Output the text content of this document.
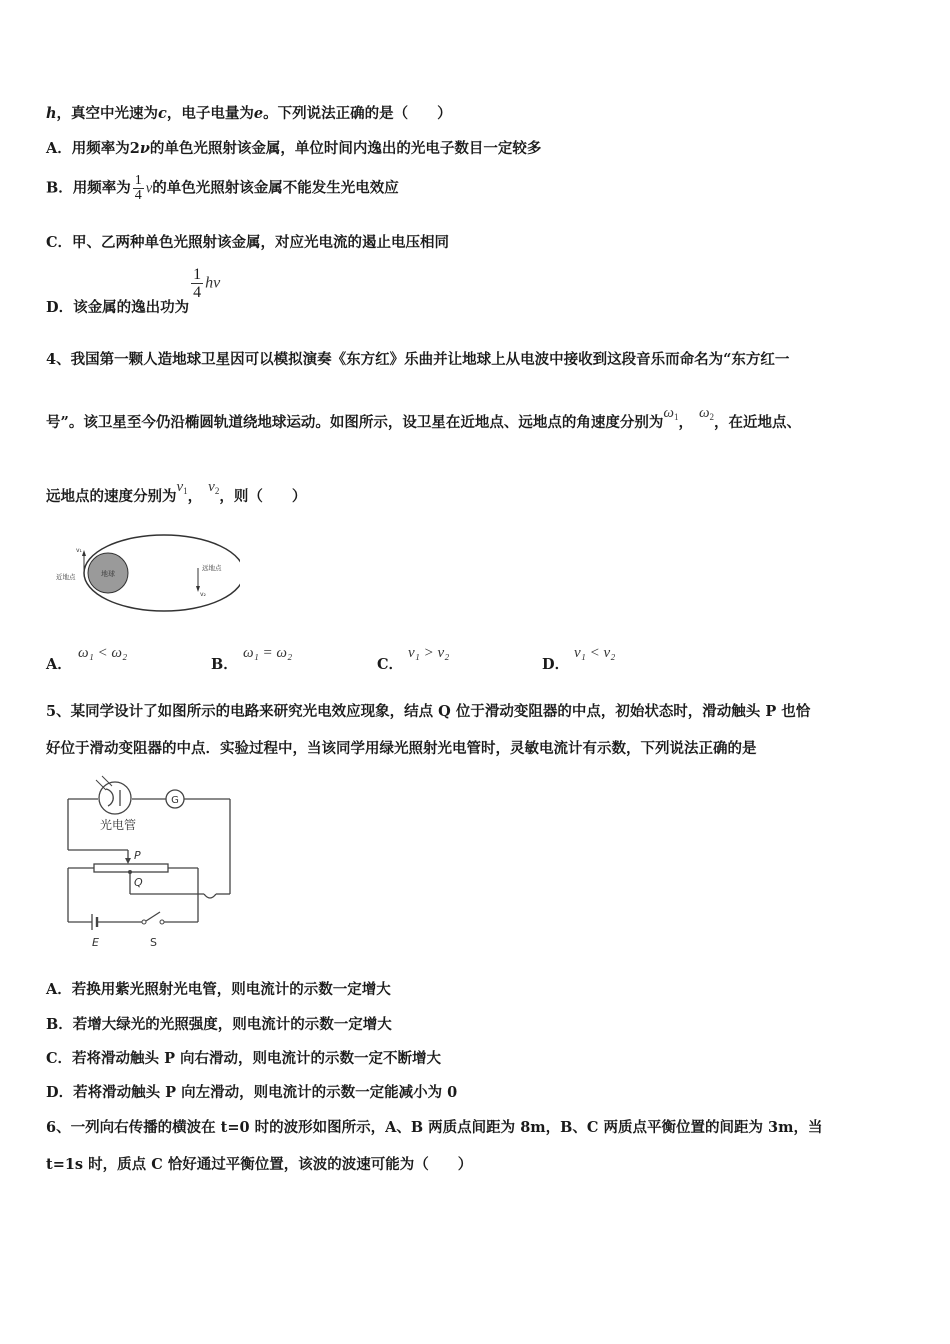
h，真空中光速为c，电子电量为e。下列说法正确的是（　　）
A．用频率为2ν的单色光照射该金属，单位时间内逸出的光电子数目一定较多
B．用频率为 $\frac{1}{4}$ ν的单色光照射该金属不能发生光电效应
C．甲、乙两种单色光照射该金属，对应光电流的遏止电压相同
D．该金属的逸出功为
$\frac{1}{4}$ hν
4、我国第一颗人造地球卫星因可以模拟演奏《东方红》乐曲并让地球上从电波中接收到这段音乐而命名为“东方红一
号”。该卫星至今仍沿椭圆轨道绕地球运动。如图所示，设卫星在近地点、远地点的角速度分别为$\omega_1$，$\omega_2$，在近地点、
远地点的速度分别为$v_1$，$v_2$，则（　　）
地球
近地点
远地点
v₁
v₂
A．
ω₁ < ω₂
B．
ω₁ = ω₂
C．
v₁ > v₂
D．
v₁ < v₂
5、某同学设计了如图所示的电路来研究光电效应现象，结点 Q 位于滑动变阻器的中点，初始状态时，滑动触头 P 也恰
好位于滑动变阻器的中点．实验过程中，当该同学用绿光照射光电管时，灵敏电流计有示数，下列说法正确的是
光电管
G
P
Q
E	S
A．若换用紫光照射光电管，则电流计的示数一定增大
B．若增大绿光的光照强度，则电流计的示数一定增大
C．若将滑动触头 P 向右滑动，则电流计的示数一定不断增大
D．若将滑动触头 P 向左滑动，则电流计的示数一定能减小为 0
6、一列向右传播的横波在 t=0 时的波形如图所示，A、B 两质点间距为 8m，B、C 两质点平衡位置的间距为 3m，当
t=1s 时，质点 C 恰好通过平衡位置，该波的波速可能为（　　）
